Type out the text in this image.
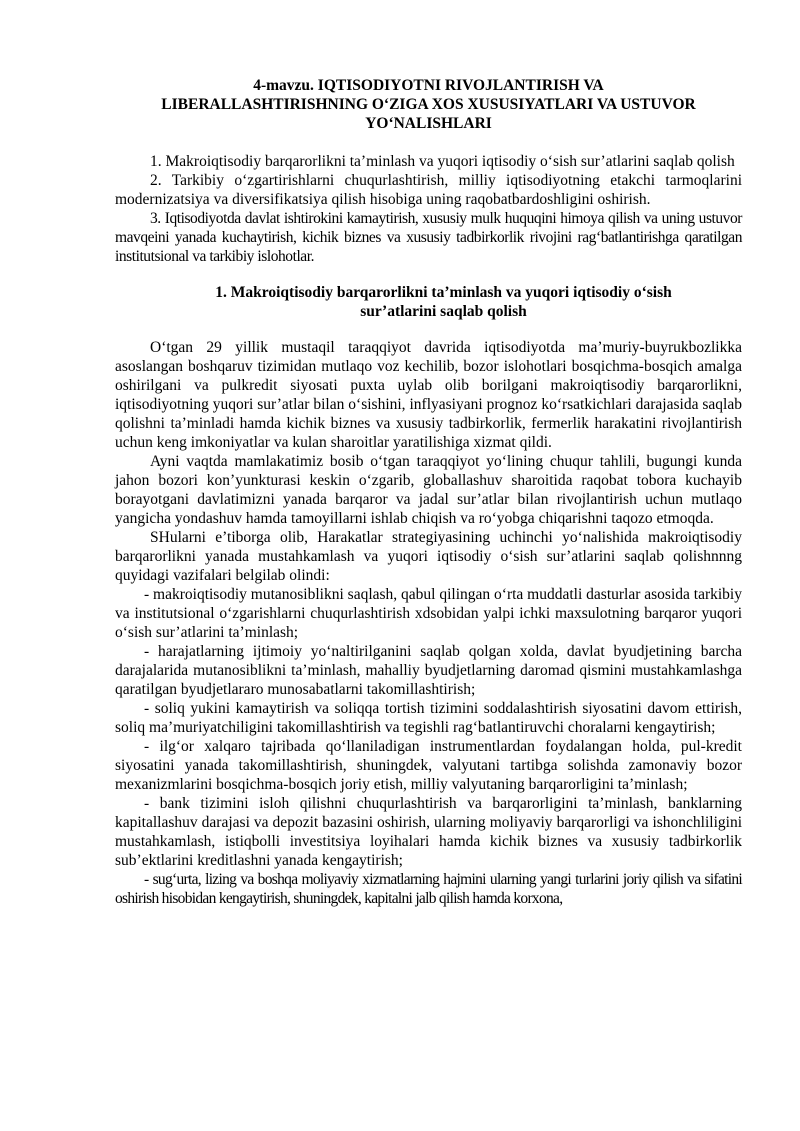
4-mavzu. IQTISODIYOTNI RIVOJLANTIRISH VA
LIBERALLASHTIRISHNING O‘ZIGA XOS XUSUSIYATLARI VA USTUVOR
YO‘NALISHLARI

1. Makroiqtisodiy barqarorlikni ta’minlash va yuqori iqtisodiy o‘sish sur’atlarini saqlab qolish

2. Tarkibiy o‘zgartirishlarni chuqurlashtirish, milliy iqtisodiyotning etakchi tarmoqlarini modernizatsiya va diversifikatsiya qilish hisobiga uning raqobatbardoshligini oshirish.

3. Iqtisodiyotda davlat ishtirokini kamaytirish, xususiy mulk huquqini himoya qilish va uning ustuvor mavqeini yanada kuchaytirish, kichik biznes va xususiy tadbirkorlik rivojini rag‘batlantirishga qaratilgan institutsional va tarkibiy islohotlar.

1. Makroiqtisodiy barqarorlikni ta’minlash va yuqori iqtisodiy o‘sish
sur’atlarini saqlab qolish

O‘tgan 29 yillik mustaqil taraqqiyot davrida iqtisodiyotda ma’muriy-buyrukbozlikka asoslangan boshqaruv tizimidan mutlaqo voz kechilib, bozor islohotlari bosqichma-bosqich amalga oshirilgani va pulkredit siyosati puxta uylab olib borilgani makroiqtisodiy barqarorlikni, iqtisodiyotning yuqori sur’atlar bilan o‘sishini, inflyasiyani prognoz ko‘rsatkichlari darajasida saqlab qolishni ta’minladi hamda kichik biznes va xususiy tadbirkorlik, fermerlik harakatini rivojlantirish uchun keng imkoniyatlar va kulan sharoitlar yaratilishiga xizmat qildi.

Ayni vaqtda mamlakatimiz bosib o‘tgan taraqqiyot yo‘lining chuqur tahlili, bugungi kunda jahon bozori kon’yunkturasi keskin o‘zgarib, globallashuv sharoitida raqobat tobora kuchayib borayotgani davlatimizni yanada barqaror va jadal sur’atlar bilan rivojlantirish uchun mutlaqo yangicha yondashuv hamda tamoyillarni ishlab chiqish va ro‘yobga chiqarishni taqozo etmoqda.

SHularni e’tiborga olib, Harakatlar strategiyasining uchinchi yo‘nalishida makroiqtisodiy barqarorlikni yanada mustahkamlash va yuqori iqtisodiy o‘sish sur’atlarini saqlab qolishnnng quyidagi vazifalari belgilab olindi:

- makroiqtisodiy mutanosiblikni saqlash, qabul qilingan o‘rta muddatli dasturlar asosida tarkibiy va institutsional o‘zgarishlarni chuqurlashtirish xdsobidan yalpi ichki maxsulotning barqaror yuqori o‘sish sur’atlarini ta’minlash;

- harajatlarning ijtimoiy yo‘naltirilganini saqlab qolgan xolda, davlat byudjetining barcha darajalarida mutanosiblikni ta’minlash, mahalliy byudjetlarning daromad qismini mustahkamlashga qaratilgan byudjetlararo munosabatlarni takomillashtirish;

- soliq yukini kamaytirish va soliqqa tortish tizimini soddalashtirish siyosatini davom ettirish, soliq ma’muriyatchiligini takomillashtirish va tegishli rag‘batlantiruvchi choralarni kengaytirish;

- ilg‘or xalqaro tajribada qo‘llaniladigan instrumentlardan foydalangan holda, pul-kredit siyosatini yanada takomillashtirish, shuningdek, valyutani tartibga solishda zamonaviy bozor mexanizmlarini bosqichma-bosqich joriy etish, milliy valyutaning barqarorligini ta’minlash;

- bank tizimini isloh qilishni chuqurlashtirish va barqarorligini ta’minlash, banklarning kapitallashuv darajasi va depozit bazasini oshirish, ularning moliyaviy barqarorligi va ishonchliligini mustahkamlash, istiqbolli investitsiya loyihalari hamda kichik biznes va xususiy tadbirkorlik sub’ektlarini kreditlashni yanada kengaytirish;

- sug‘urta, lizing va boshqa moliyaviy xizmatlarning hajmini ularning yangi turlarini joriy qilish va sifatini oshirish hisobidan kengaytirish, shuningdek, kapitalni jalb qilish hamda korxona,
